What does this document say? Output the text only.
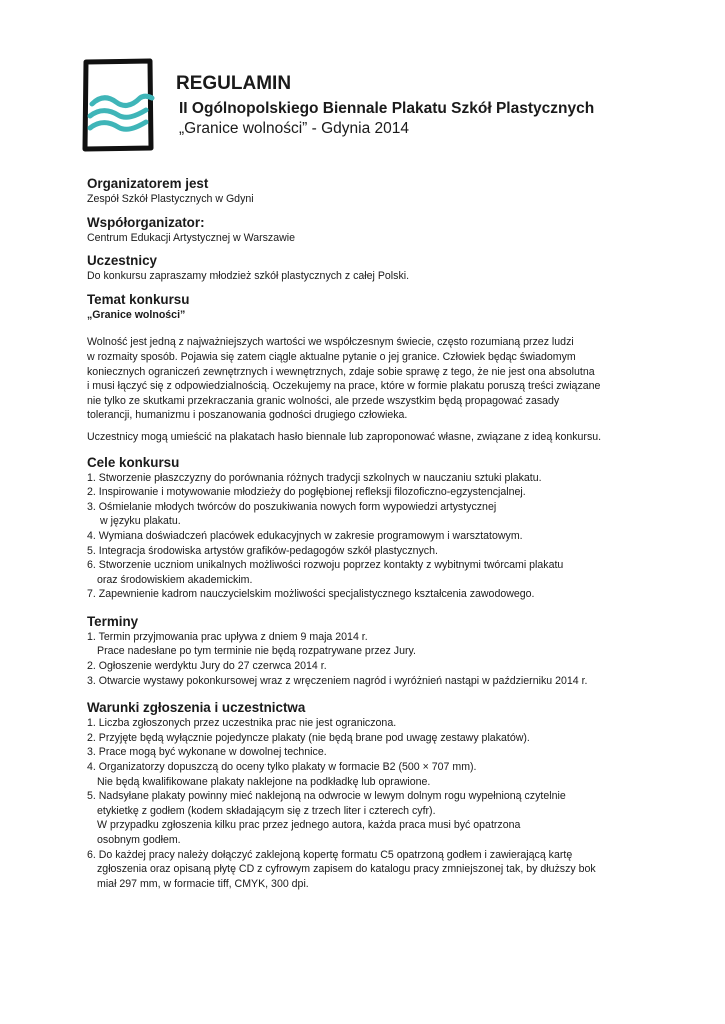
REGULAMIN

II Ogólnopolskiego Biennale Plakatu Szkół Plastycznych

„Granice wolności” - Gdynia 2014

Organizatorem jest

Zespół Szkół Plastycznych w Gdyni

Współorganizator:

Centrum Edukacji Artystycznej w Warszawie

Uczestnicy

Do konkursu zapraszamy młodzież szkół plastycznych z całej Polski.

Temat konkursu

„Granice wolności”

Wolność jest jedną z najważniejszych wartości we współczesnym świecie, często rozumianą przez ludzi

w rozmaity sposób. Pojawia się zatem ciągle aktualne pytanie o jej granice. Człowiek będąc świadomym

koniecznych ograniczeń zewnętrznych i wewnętrznych, zdaje sobie sprawę z tego, że nie jest ona absolutna

i musi łączyć się z odpowiedzialnością. Oczekujemy na prace, które w formie plakatu poruszą treści związane

nie tylko ze skutkami przekraczania granic wolności, ale przede wszystkim będą propagować zasady

tolerancji, humanizmu i poszanowania godności drugiego człowieka.

Uczestnicy mogą umieścić na plakatach hasło biennale lub zaproponować własne, związane z ideą konkursu.

Cele konkursu

1. Stworzenie płaszczyzny do porównania różnych tradycji szkolnych w nauczaniu sztuki plakatu.

2. Inspirowanie i motywowanie młodzieży do pogłębionej refleksji filozoficzno-egzystencjalnej.

3. Ośmielanie młodych twórców do poszukiwania nowych form wypowiedzi artystycznej

w języku plakatu.

4. Wymiana doświadczeń placówek edukacyjnych w zakresie programowym i warsztatowym.

5. Integracja środowiska artystów grafików-pedagogów szkół plastycznych.

6. Stworzenie uczniom unikalnych możliwości rozwoju poprzez kontakty z wybitnymi twórcami plakatu

oraz środowiskiem akademickim.

7. Zapewnienie kadrom nauczycielskim możliwości specjalistycznego kształcenia zawodowego.

Terminy

1. Termin przyjmowania prac upływa z dniem 9 maja 2014 r.

Prace nadesłane po tym terminie nie będą rozpatrywane przez Jury.

2. Ogłoszenie werdyktu Jury do 27 czerwca 2014 r.

3. Otwarcie wystawy pokonkursowej wraz z wręczeniem nagród i wyróżnień nastąpi w październiku 2014 r.

Warunki zgłoszenia i uczestnictwa

1. Liczba zgłoszonych przez uczestnika prac nie jest ograniczona.

2. Przyjęte będą wyłącznie pojedyncze plakaty (nie będą brane pod uwagę zestawy plakatów).

3. Prace mogą być wykonane w dowolnej technice.

4. Organizatorzy dopuszczą do oceny tylko plakaty w formacie B2 (500 × 707 mm).

Nie będą kwalifikowane plakaty naklejone na podkładkę lub oprawione.

5. Nadsyłane plakaty powinny mieć naklejoną na odwrocie w lewym dolnym rogu wypełnioną czytelnie

etykietkę z godłem (kodem składającym się z trzech liter i czterech cyfr).

W przypadku zgłoszenia kilku prac przez jednego autora, każda praca musi być opatrzona

osobnym godłem.

6. Do każdej pracy należy dołączyć zaklejoną kopertę formatu C5 opatrzoną godłem i zawierającą kartę

zgłoszenia oraz opisaną płytę CD z cyfrowym zapisem do katalogu pracy zmniejszonej tak, by dłuższy bok

miał 297 mm, w formacie tiff, CMYK, 300 dpi.
